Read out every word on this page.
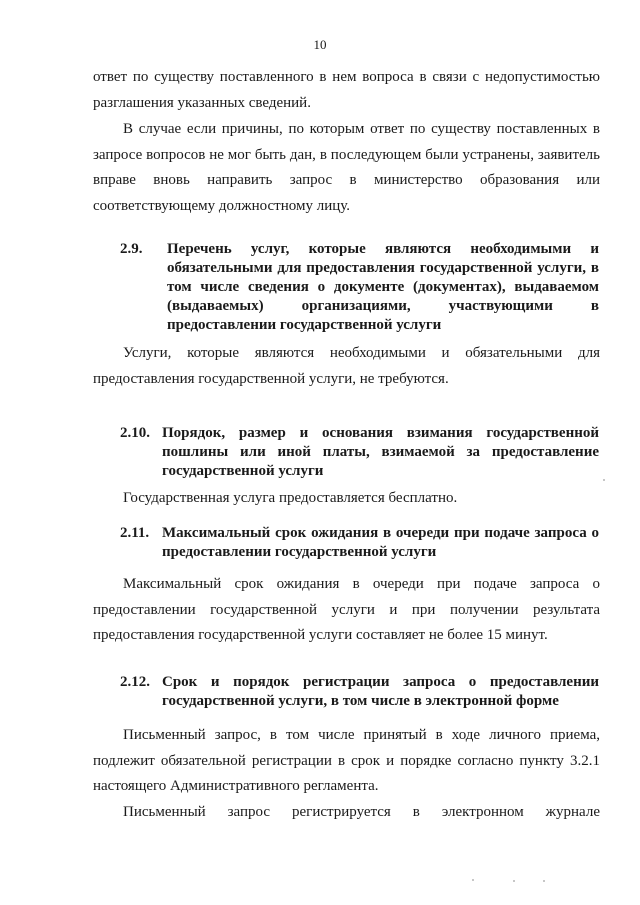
10
ответ по существу поставленного в нем вопроса в связи с недопустимостью разглашения указанных сведений.
В случае если причины, по которым ответ по существу поставленных в запросе вопросов не мог быть дан, в последующем были устранены, заявитель вправе вновь направить запрос в министерство образования или соответствующему должностному лицу.
2.9. Перечень услуг, которые являются необходимыми и обязательными для предоставления государственной услуги, в том числе сведения о документе (документах), выдаваемом (выдаваемых) организациями, участвующими в предоставлении государственной услуги
Услуги, которые являются необходимыми и обязательными для предоставления государственной услуги, не требуются.
2.10. Порядок, размер и основания взимания государственной пошлины или иной платы, взимаемой за предоставление государственной услуги
Государственная услуга предоставляется бесплатно.
2.11. Максимальный срок ожидания в очереди при подаче запроса о предоставлении государственной услуги
Максимальный срок ожидания в очереди при подаче запроса о предоставлении государственной услуги и при получении результата предоставления государственной услуги составляет не более 15 минут.
2.12. Срок и порядок регистрации запроса о предоставлении государственной услуги, в том числе в электронной форме
Письменный запрос, в том числе принятый в ходе личного приема, подлежит обязательной регистрации в срок и порядке согласно пункту 3.2.1 настоящего Административного регламента.
Письменный запрос регистрируется в электронном журнале
